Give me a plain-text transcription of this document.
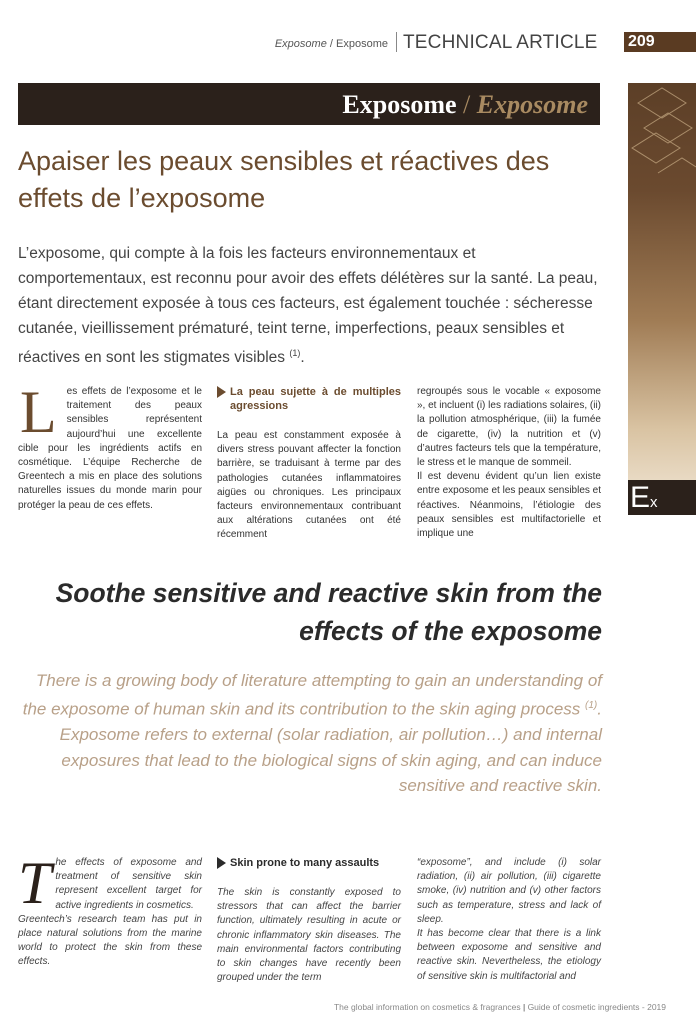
Exposome / Exposome TECHNICAL ARTICLE 209
Exposome / Exposome
Ex
Apaiser les peaux sensibles et réactives des effets de l’exposome
L’exposome, qui compte à la fois les facteurs environnementaux et comportementaux, est reconnu pour avoir des effets délétères sur la santé. La peau, étant directement exposée à tous ces facteurs, est également touchée : sécheresse cutanée, vieillissement prématuré, teint terne, imperfections, peaux sensibles et réactives en sont les stigmates visibles $^{(1)}$.
L es effets de l’exposome et le traitement des peaux sensibles représentent aujourd’hui une excellente cible pour les ingrédients actifs en cosmétique. L’équipe Recherche de Greentech a mis en place des solutions naturelles issues du monde marin pour protéger la peau de ces effets.
La peau sujette à de multiples agressions
La peau est constamment exposée à divers stress pouvant affecter la fonction barrière, se traduisant à terme par des pathologies cutanées inflammatoires aigües ou chroniques. Les principaux facteurs environnementaux contribuant aux altérations cutanées ont été récemment
regroupés sous le vocable « exposome », et incluent (i) les radiations solaires, (ii) la pollution atmosphérique, (iii) la fumée de cigarette, (iv) la nutrition et (v) d’autres facteurs tels que la température, le stress et le manque de sommeil.
Il est devenu évident qu’un lien existe entre exposome et les peaux sensibles et réactives. Néanmoins, l’étiologie des peaux sensibles est multifactorielle et implique une
Soothe sensitive and reactive skin from the effects of the exposome
There is a growing body of literature attempting to gain an understanding of the exposome of human skin and its contribution to the skin aging process $^{(1)}$. Exposome refers to external (solar radiation, air pollution…) and internal exposures that lead to the biological signs of skin aging, and can induce sensitive and reactive skin.
T he effects of exposome and treatment of sensitive skin represent excellent target for active ingredients in cosmetics.
Greentech’s research team has put in place natural solutions from the marine world to protect the skin from these effects.
Skin prone to many assaults
The skin is constantly exposed to stressors that can affect the barrier function, ultimately resulting in acute or chronic inflammatory skin diseases. The main environmental factors contributing to skin changes have recently been grouped under the term
“exposome”, and include (i) solar radiation, (ii) air pollution, (iii) cigarette smoke, (iv) nutrition and (v) other factors such as temperature, stress and lack of sleep.
It has become clear that there is a link between exposome and sensitive and reactive skin. Nevertheless, the etiology of sensitive skin is multifactorial and
The global information on cosmetics & fragrances | Guide of cosmetic ingredients - 2019
